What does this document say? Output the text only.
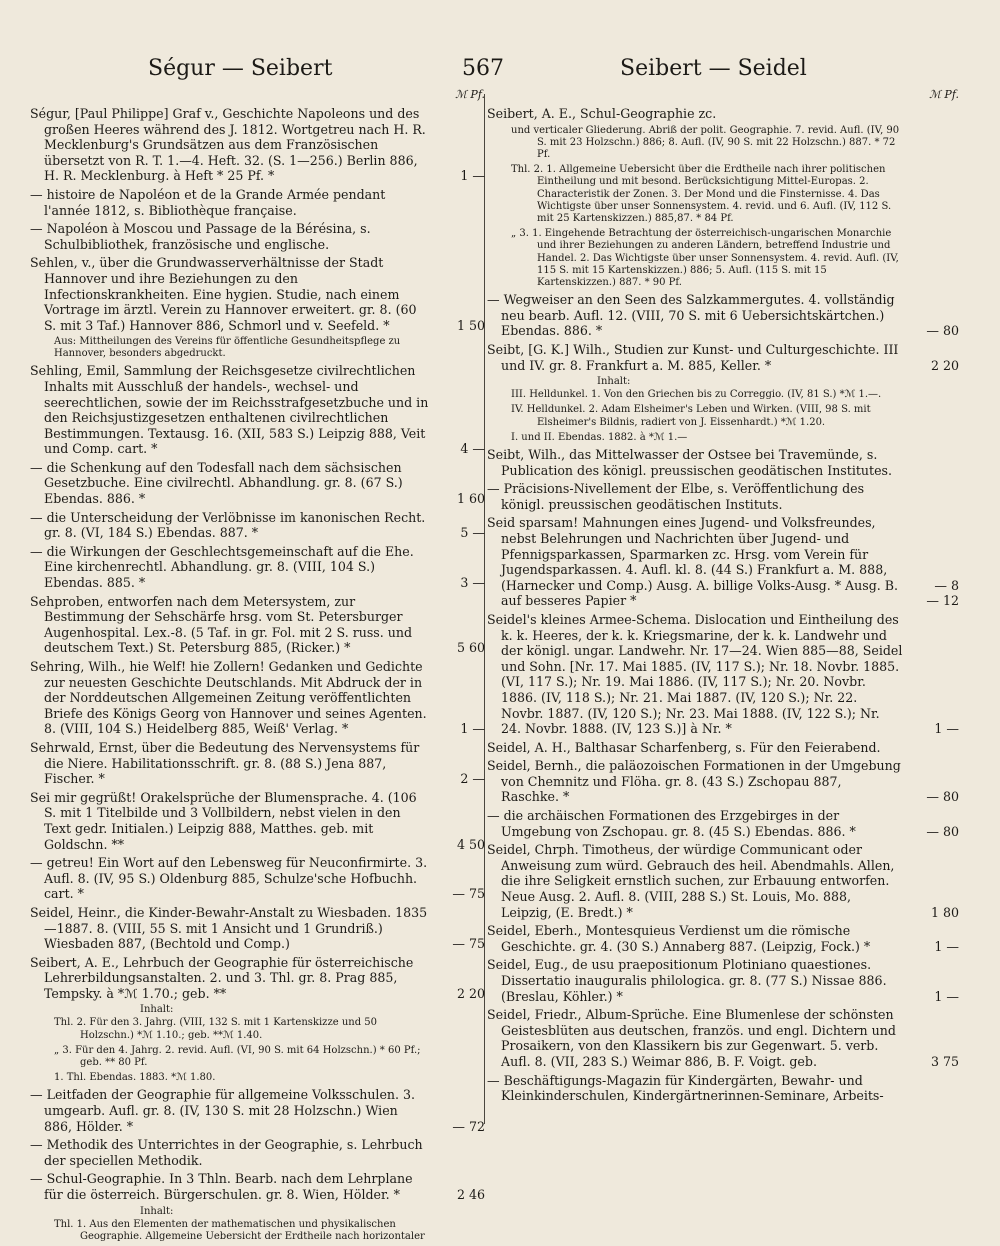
Ségur — Seibert	567	Seibert — Seidel
ℳ Pf.
Ségur, [Paul Philippe] Graf v., Geschichte Napoleons und des großen Heeres während des J. 1812. Wortgetreu nach H. R. Mecklenburg's Grundsätzen aus dem Französischen übersetzt von R. T. 1.—4. Heft. 32. (S. 1—256.) Berlin 886, H. R. Mecklenburg. à Heft * 25 Pf. *	1 —
— histoire de Napoléon et de la Grande Armée pendant l'année 1812, s. Bibliothèque française.
— Napoléon à Moscou und Passage de la Bérésina, s. Schulbibliothek, französische und englische.
Sehlen, v., über die Grundwasserverhältnisse der Stadt Hannover und ihre Beziehungen zu den Infectionskrankheiten. Eine hygien. Studie, nach einem Vortrage im ärztl. Verein zu Hannover erweitert. gr. 8. (60 S. mit 3 Taf.) Hannover 886, Schmorl und v. Seefeld. *	1 50
Aus: Mittheilungen des Vereins für öffentliche Gesundheitspflege zu Hannover, besonders abgedruckt.
Sehling, Emil, Sammlung der Reichsgesetze civilrechtlichen Inhalts mit Ausschluß der handels-, wechsel- und seerechtlichen, sowie der im Reichsstrafgesetzbuche und in den Reichsjustizgesetzen enthaltenen civilrechtlichen Bestimmungen. Textausg. 16. (XII, 583 S.) Leipzig 888, Veit und Comp. cart. *	4 —
— die Schenkung auf den Todesfall nach dem sächsischen Gesetzbuche. Eine civilrechtl. Abhandlung. gr. 8. (67 S.) Ebendas. 886. *	1 60
— die Unterscheidung der Verlöbnisse im kanonischen Recht. gr. 8. (VI, 184 S.) Ebendas. 887. *	5 —
— die Wirkungen der Geschlechtsgemeinschaft auf die Ehe. Eine kirchenrechtl. Abhandlung. gr. 8. (VIII, 104 S.) Ebendas. 885. *	3 —
Sehproben, entworfen nach dem Metersystem, zur Bestimmung der Sehschärfe hrsg. vom St. Petersburger Augenhospital. Lex.-8. (5 Taf. in gr. Fol. mit 2 S. russ. und deutschem Text.) St. Petersburg 885, (Ricker.) *	5 60
Sehring, Wilh., hie Welf! hie Zollern! Gedanken und Gedichte zur neuesten Geschichte Deutschlands. Mit Abdruck der in der Norddeutschen Allgemeinen Zeitung veröffentlichten Briefe des Königs Georg von Hannover und seines Agenten. 8. (VIII, 104 S.) Heidelberg 885, Weiß' Verlag. *	1 —
Sehrwald, Ernst, über die Bedeutung des Nervensystems für die Niere. Habilitationsschrift. gr. 8. (88 S.) Jena 887, Fischer. *	2 —
Sei mir gegrüßt! Orakelsprüche der Blumensprache. 4. (106 S. mit 1 Titelbilde und 3 Vollbildern, nebst vielen in den Text gedr. Initialen.) Leipzig 888, Matthes. geb. mit Goldschn. **	4 50
— getreu! Ein Wort auf den Lebensweg für Neuconfirmirte. 3. Aufl. 8. (IV, 95 S.) Oldenburg 885, Schulze'sche Hofbuchh. cart. *	— 75
Seidel, Heinr., die Kinder-Bewahr-Anstalt zu Wiesbaden. 1835—1887. 8. (VIII, 55 S. mit 1 Ansicht und 1 Grundriß.) Wiesbaden 887, (Bechtold und Comp.)	— 75
Seibert, A. E., Lehrbuch der Geographie für österreichische Lehrerbildungsanstalten. 2. und 3. Thl. gr. 8. Prag 885, Tempsky. à *ℳ 1.70.; geb. **	2 20
Inhalt:
Thl. 2. Für den 3. Jahrg. (VIII, 132 S. mit 1 Kartenskizze und 50 Holzschn.) *ℳ 1.10.; geb. **ℳ 1.40.
„ 3. Für den 4. Jahrg. 2. revid. Aufl. (VI, 90 S. mit 64 Holzschn.) * 60 Pf.; geb. ** 80 Pf.
1. Thl. Ebendas. 1883. *ℳ 1.80.
— Leitfaden der Geographie für allgemeine Volksschulen. 3. umgearb. Aufl. gr. 8. (IV, 130 S. mit 28 Holzschn.) Wien 886, Hölder. *	— 72
— Methodik des Unterrichtes in der Geographie, s. Lehrbuch der speciellen Methodik.
— Schul-Geographie. In 3 Thln. Bearb. nach dem Lehrplane für die österreich. Bürgerschulen. gr. 8. Wien, Hölder. *	2 46
Inhalt:
Thl. 1. Aus den Elementen der mathematischen und physikalischen Geographie. Allgemeine Uebersicht der Erdtheile nach horizontaler
ℳ Pf.
Seibert, A. E., Schul-Geographie zc.
und verticaler Gliederung. Abriß der polit. Geographie. 7. revid. Aufl. (IV, 90 S. mit 23 Holzschn.) 886; 8. Aufl. (IV, 90 S. mit 22 Holzschn.) 887. * 72 Pf.
Thl. 2. 1. Allgemeine Uebersicht über die Erdtheile nach ihrer politischen Eintheilung und mit besond. Berücksichtigung Mittel-Europas. 2. Characteristik der Zonen. 3. Der Mond und die Finsternisse. 4. Das Wichtigste über unser Sonnensystem. 4. revid. und 6. Aufl. (IV, 112 S. mit 25 Kartenskizzen.) 885,87. * 84 Pf.
„ 3. 1. Eingehende Betrachtung der österreichisch-ungarischen Monarchie und ihrer Beziehungen zu anderen Ländern, betreffend Industrie und Handel. 2. Das Wichtigste über unser Sonnensystem. 4. revid. Aufl. (IV, 115 S. mit 15 Kartenskizzen.) 886; 5. Aufl. (115 S. mit 15 Kartenskizzen.) 887. * 90 Pf.
— Wegweiser an den Seen des Salzkammergutes. 4. vollständig neu bearb. Aufl. 12. (VIII, 70 S. mit 6 Uebersichtskärtchen.) Ebendas. 886. *	— 80
Seibt, [G. K.] Wilh., Studien zur Kunst- und Culturgeschichte. III und IV. gr. 8. Frankfurt a. M. 885, Keller. *	2 20
Inhalt:
III. Helldunkel. 1. Von den Griechen bis zu Correggio. (IV, 81 S.) *ℳ 1.—.
IV. Helldunkel. 2. Adam Elsheimer's Leben und Wirken. (VIII, 98 S. mit Elsheimer's Bildnis, radiert von J. Eissenhardt.) *ℳ 1.20.
I. und II. Ebendas. 1882. à *ℳ 1.—
Seibt, Wilh., das Mittelwasser der Ostsee bei Travemünde, s. Publication des königl. preussischen geodätischen Institutes.
— Präcisions-Nivellement der Elbe, s. Veröffentlichung des königl. preussischen geodätischen Instituts.
Seid sparsam! Mahnungen eines Jugend- und Volksfreundes, nebst Belehrungen und Nachrichten über Jugend- und Pfennigsparkassen, Sparmarken zc. Hrsg. vom Verein für Jugendsparkassen. 4. Aufl. kl. 8. (44 S.) Frankfurt a. M. 888, (Harnecker und Comp.) Ausg. A. billige Volks-Ausg. * Ausg. B. auf besseres Papier *
— 8
— 12
Seidel's kleines Armee-Schema. Dislocation und Eintheilung des k. k. Heeres, der k. k. Kriegsmarine, der k. k. Landwehr und der königl. ungar. Landwehr. Nr. 17—24. Wien 885—88, Seidel und Sohn. [Nr. 17. Mai 1885. (IV, 117 S.); Nr. 18. Novbr. 1885. (VI, 117 S.); Nr. 19. Mai 1886. (IV, 117 S.); Nr. 20. Novbr. 1886. (IV, 118 S.); Nr. 21. Mai 1887. (IV, 120 S.); Nr. 22. Novbr. 1887. (IV, 120 S.); Nr. 23. Mai 1888. (IV, 122 S.); Nr. 24. Novbr. 1888. (IV, 123 S.)] à Nr. *	1 —
Seidel, A. H., Balthasar Scharfenberg, s. Für den Feierabend.
Seidel, Bernh., die paläozoischen Formationen in der Umgebung von Chemnitz und Flöha. gr. 8. (43 S.) Zschopau 887, Raschke. *	— 80
— die archäischen Formationen des Erzgebirges in der Umgebung von Zschopau. gr. 8. (45 S.) Ebendas. 886. *	— 80
Seidel, Chrph. Timotheus, der würdige Communicant oder Anweisung zum würd. Gebrauch des heil. Abendmahls. Allen, die ihre Seligkeit ernstlich suchen, zur Erbauung entworfen. Neue Ausg. 2. Aufl. 8. (VIII, 288 S.) St. Louis, Mo. 888, Leipzig, (E. Bredt.) *	1 80
Seidel, Eberh., Montesquieus Verdienst um die römische Geschichte. gr. 4. (30 S.) Annaberg 887. (Leipzig, Fock.) *	1 —
Seidel, Eug., de usu praepositionum Plotiniano quaestiones. Dissertatio inauguralis philologica. gr. 8. (77 S.) Nissae 886. (Breslau, Köhler.) *	1 —
Seidel, Friedr., Album-Sprüche. Eine Blumenlese der schönsten Geistesblüten aus deutschen, französ. und engl. Dichtern und Prosaikern, von den Klassikern bis zur Gegenwart. 5. verb. Aufl. 8. (VII, 283 S.) Weimar 886, B. F. Voigt. geb.	3 75
— Beschäftigungs-Magazin für Kindergärten, Bewahr- und Kleinkinderschulen, Kindergärtnerinnen-Seminare, Arbeits-
